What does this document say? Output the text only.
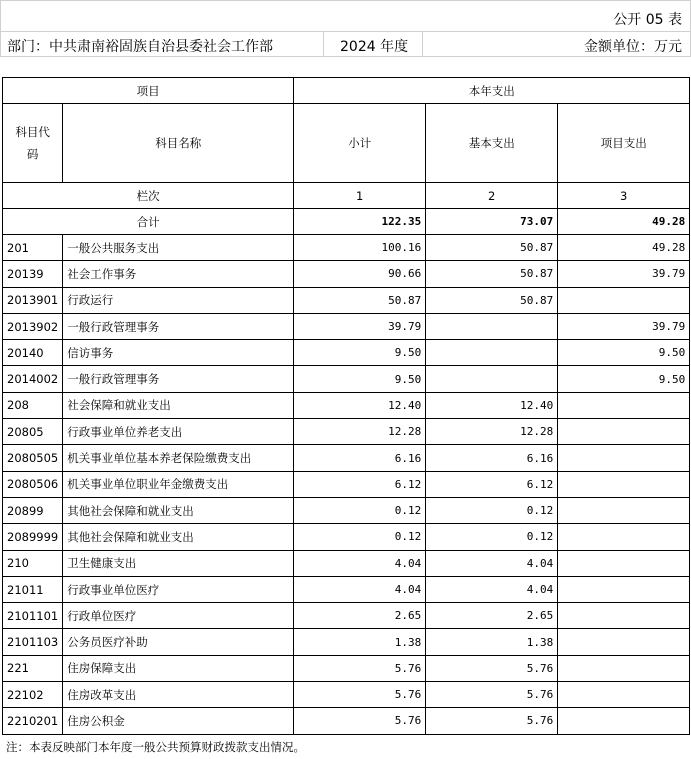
公开 05 表
部门：中共肃南裕固族自治县委社会工作部	2024 年度	金额单位：万元
项目		本年支出		
科目代码	科目名称	小计	基本支出	项目支出
栏次		1	2	3
合计		122.35	73.07	49.28
201	一般公共服务支出	100.16	50.87	49.28
20139	社会工作事务	90.66	50.87	39.79
2013901	行政运行	50.87	50.87	
2013902	一般行政管理事务	39.79		39.79
20140	信访事务	9.50		9.50
2014002	一般行政管理事务	9.50		9.50
208	社会保障和就业支出	12.40	12.40	
20805	行政事业单位养老支出	12.28	12.28	
2080505	机关事业单位基本养老保险缴费支出	6.16	6.16	
2080506	机关事业单位职业年金缴费支出	6.12	6.12	
20899	其他社会保障和就业支出	0.12	0.12	
2089999	其他社会保障和就业支出	0.12	0.12	
210	卫生健康支出	4.04	4.04	
21011	行政事业单位医疗	4.04	4.04	
2101101	行政单位医疗	2.65	2.65	
2101103	公务员医疗补助	1.38	1.38	
221	住房保障支出	5.76	5.76	
22102	住房改革支出	5.76	5.76	
2210201	住房公积金	5.76	5.76	
注：本表反映部门本年度一般公共预算财政拨款支出情况。
